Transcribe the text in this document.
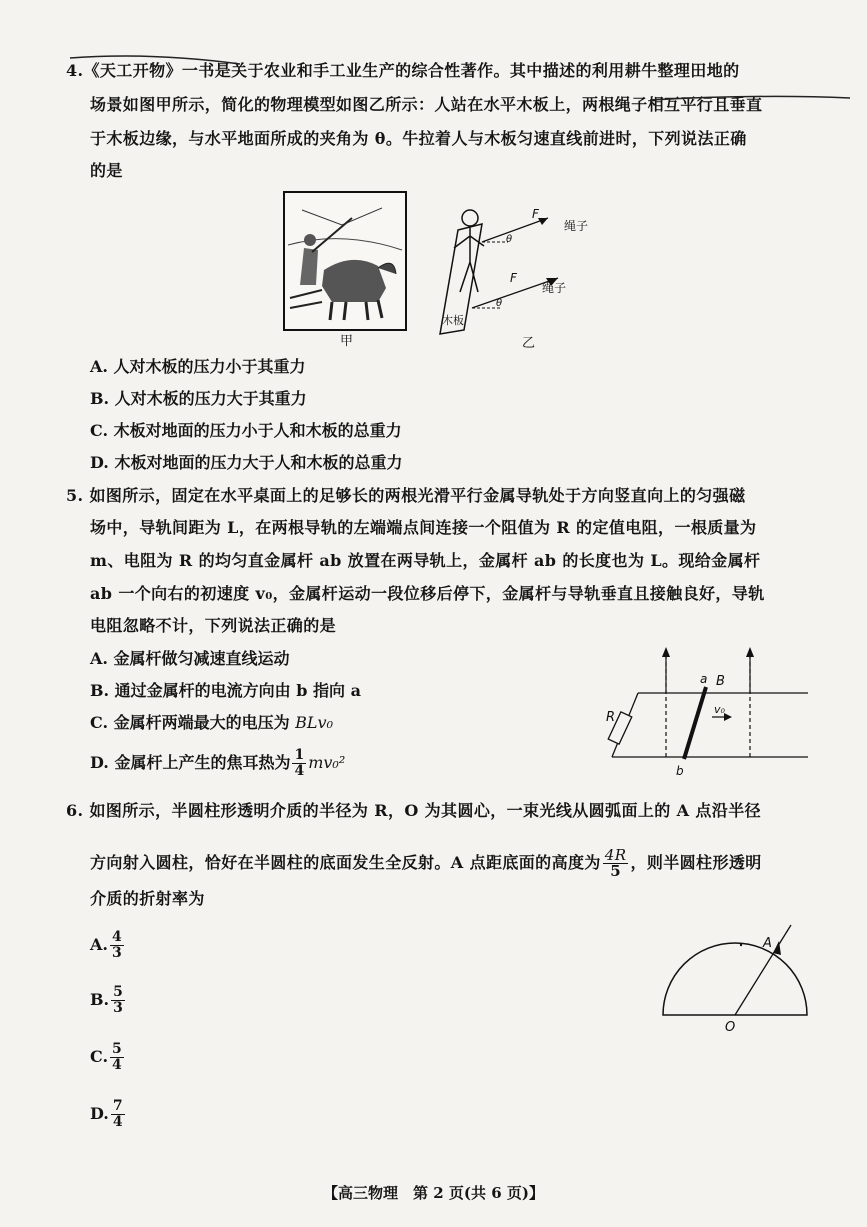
4.《天工开物》一书是关于农业和手工业生产的综合性著作。其中描述的利用耕牛整理田地的
场景如图甲所示，简化的物理模型如图乙所示：人站在水平木板上，两根绳子相互平行且垂直
于木板边缘，与水平地面所成的夹角为 θ。牛拉着人与木板匀速直线前进时，下列说法正确
的是
甲
θ
F
绳子
θ
F
绳子
木板
乙
A. 人对木板的压力小于其重力
B. 人对木板的压力大于其重力
C. 木板对地面的压力小于人和木板的总重力
D. 木板对地面的压力大于人和木板的总重力
5. 如图所示，固定在水平桌面上的足够长的两根光滑平行金属导轨处于方向竖直向上的匀强磁
场中，导轨间距为 L，在两根导轨的左端端点间连接一个阻值为 R 的定值电阻，一根质量为
m、电阻为 R 的均匀直金属杆 ab 放置在两导轨上，金属杆 ab 的长度也为 L。现给金属杆
ab 一个向右的初速度 v₀，金属杆运动一段位移后停下，金属杆与导轨垂直且接触良好，导轨
电阻忽略不计，下列说法正确的是
A. 金属杆做匀减速直线运动
B. 通过金属杆的电流方向由 b 指向 a
C. 金属杆两端最大的电压为 BLv₀
D. 金属杆上产生的焦耳热为 $\frac{1}{4} mv_0^2$
R
v₀
a B
b
6. 如图所示，半圆柱形透明介质的半径为 R，O 为其圆心，一束光线从圆弧面上的 A 点沿半径
方向射入圆柱，恰好在半圆柱的底面发生全反射。A 点距底面的高度为 $\frac{4R}{5}$ ，则半圆柱形透明
介质的折射率为
A. $\frac{4}{3}$
B. $\frac{5}{3}$
C. $\frac{5}{4}$
D. $\frac{7}{4}$
A
O
【高三物理　第 2 页(共 6 页)】
